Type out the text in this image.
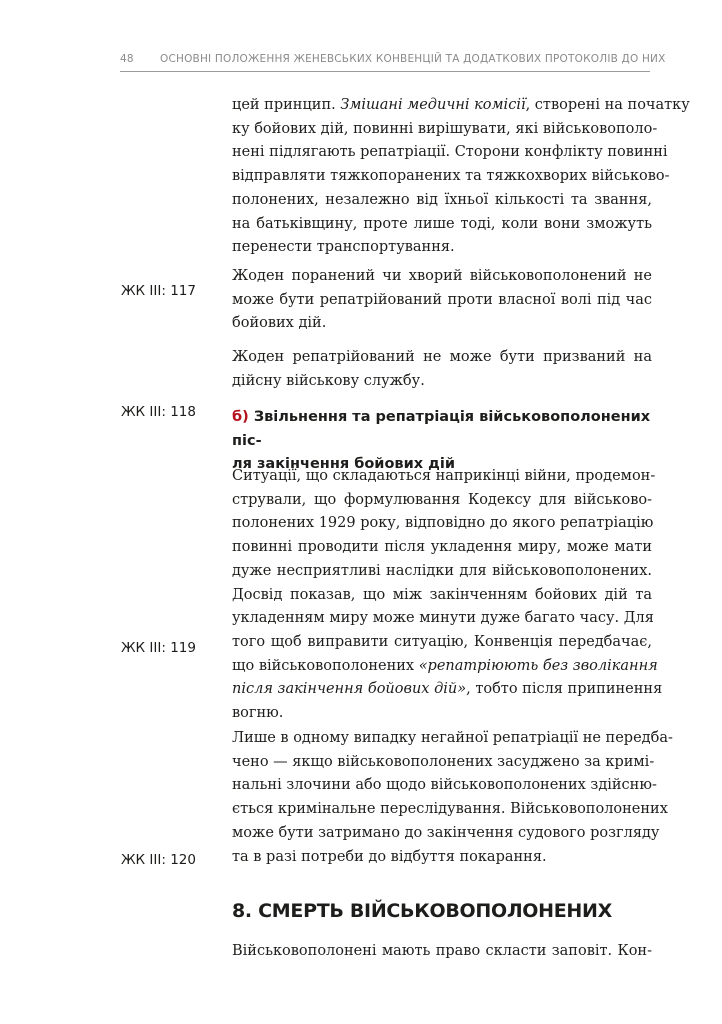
48 ОСНОВНІ ПОЛОЖЕННЯ ЖЕНЕВСЬКИХ КОНВЕНЦІЙ ТА ДОДАТКОВИХ ПРОТОКОЛІВ ДО НИХ
ЖК III: 117
ЖК III: 118
ЖК III: 119
ЖК III: 120
цей принцип. Змішані медичні комісії, створені на початку
ку бойових дій, повинні вирішувати, які військовополо-
нені підлягають репатріації. Сторони конфлікту повинні
відправляти тяжкопоранених та тяжкохворих військово-
полонених, незалежно від їхньої кількості та звання,
на батьківщину, проте лише тоді, коли вони зможуть
перенести транспортування.
Жоден поранений чи хворий військовополонений не
може бути репатрійований проти власної волі під час
бойових дій.
Жоден репатрійований не може бути призваний на
дійсну військову службу.
б) Звільнення та репатріація військовополонених піс-
ля закінчення бойових дій
Ситуації, що складаються наприкінці війни, продемон-
стрували, що формулювання Кодексу для військово-
полонених 1929 року, відповідно до якого репатріацію
повинні проводити після укладення миру, може мати
дуже несприятливі наслідки для військовополонених.
Досвід показав, що між закінченням бойових дій та
укладенням миру може минути дуже багато часу. Для
того щоб виправити ситуацію, Конвенція передбачає,
що військовополонених «репатріюють без зволікання
після закінчення бойових дій», тобто після припинення
вогню.
Лише в одному випадку негайної репатріації не передба-
чено — якщо військовополонених засуджено за кримі-
нальні злочини або щодо військовополонених здійсню-
ється кримінальне переслідування. Військовополонених
може бути затримано до закінчення судового розгляду
та в разі потреби до відбуття покарання.
8. СМЕРТЬ ВІЙСЬКОВОПОЛОНЕНИХ
Військовополонені мають право скласти заповіт. Кон-
